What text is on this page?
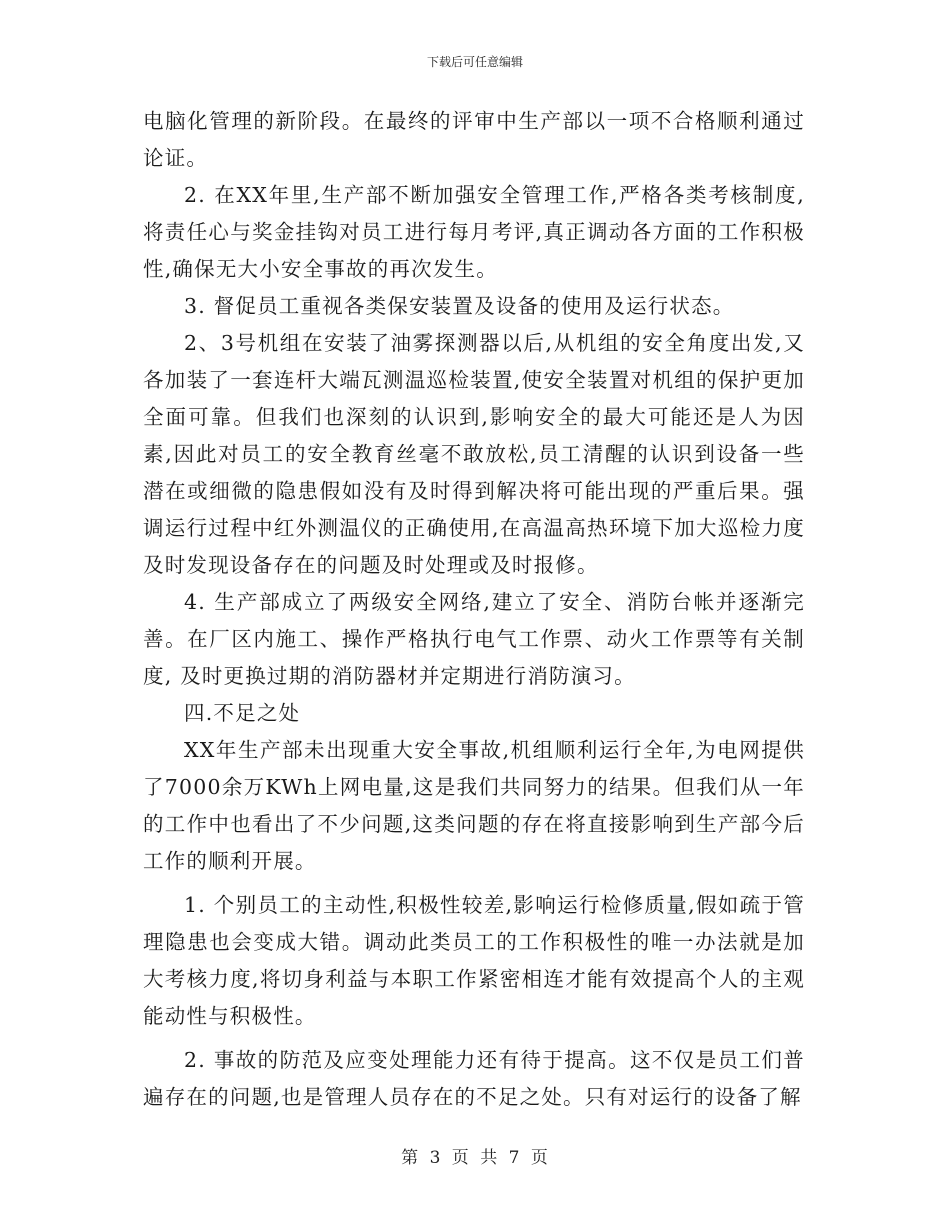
下载后可任意编辑

电脑化管理的新阶段。在最终的评审中生产部以一项不合格顺利通过论证。

2. 在XX年里,生产部不断加强安全管理工作,严格各类考核制度,将责任心与奖金挂钩对员工进行每月考评,真正调动各方面的工作积极性,确保无大小安全事故的再次发生。

3. 督促员工重视各类保安装置及设备的使用及运行状态。

2、3号机组在安装了油雾探测器以后,从机组的安全角度出发,又各加装了一套连杆大端瓦测温巡检装置,使安全装置对机组的保护更加全面可靠。但我们也深刻的认识到,影响安全的最大可能还是人为因素,因此对员工的安全教育丝毫不敢放松,员工清醒的认识到设备一些潜在或细微的隐患假如没有及时得到解决将可能出现的严重后果。强调运行过程中红外测温仪的正确使用,在高温高热环境下加大巡检力度及时发现设备存在的问题及时处理或及时报修。

4. 生产部成立了两级安全网络,建立了安全、消防台帐并逐渐完善。在厂区内施工、操作严格执行电气工作票、动火工作票等有关制度, 及时更换过期的消防器材并定期进行消防演习。

四.不足之处

XX年生产部未出现重大安全事故,机组顺利运行全年,为电网提供了7000余万KWh上网电量,这是我们共同努力的结果。但我们从一年的工作中也看出了不少问题,这类问题的存在将直接影响到生产部今后工作的顺利开展。

1. 个别员工的主动性,积极性较差,影响运行检修质量,假如疏于管理隐患也会变成大错。调动此类员工的工作积极性的唯一办法就是加大考核力度,将切身利益与本职工作紧密相连才能有效提高个人的主观能动性与积极性。

2. 事故的防范及应变处理能力还有待于提高。这不仅是员工们普遍存在的问题,也是管理人员存在的不足之处。只有对运行的设备了解

第 3 页 共 7 页
